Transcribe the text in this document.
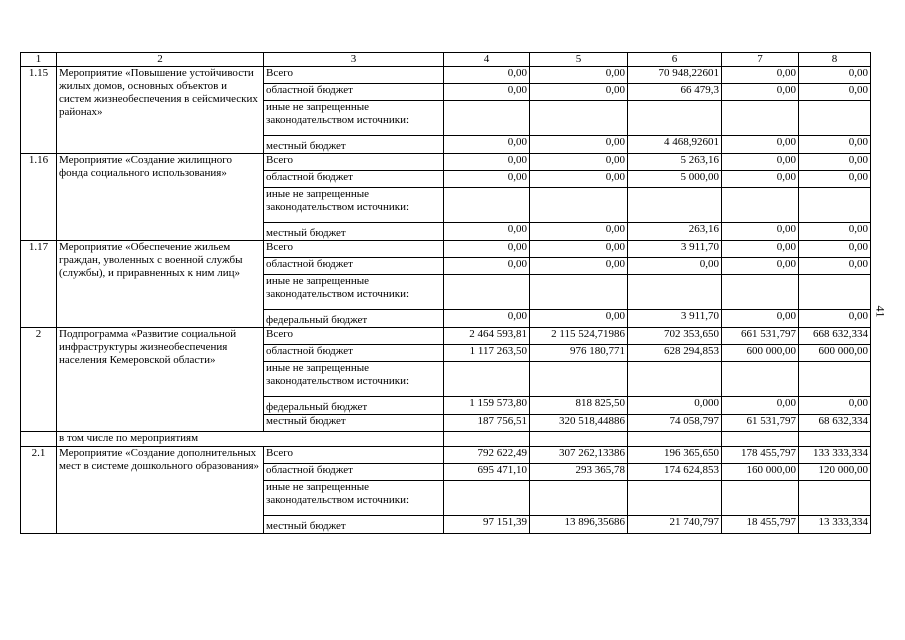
41
1	2	3	4	5	6	7	8
1.15	Мероприятие «Повышение устойчивости жилых домов, основных объектов и систем жизнеобеспечения в сейсмических районах»	Всего	0,00	0,00	70 948,22601	0,00	0,00
		областной бюджет	0,00	0,00	66 479,3	0,00	0,00
		иные не запрещенные законодательством источники:					
		местный бюджет	0,00	0,00	4 468,92601	0,00	0,00
1.16	Мероприятие «Создание жилищного фонда социального использования»	Всего	0,00	0,00	5 263,16	0,00	0,00
		областной бюджет	0,00	0,00	5 000,00	0,00	0,00
		иные не запрещенные законодательством источники:					
		местный бюджет	0,00	0,00	263,16	0,00	0,00
1.17	Мероприятие «Обеспечение жильем граждан, уволенных с военной службы (службы), и приравненных к ним лиц»	Всего	0,00	0,00	3 911,70	0,00	0,00
		областной бюджет	0,00	0,00	0,00	0,00	0,00
		иные не запрещенные законодательством источники:					
		федеральный бюджет	0,00	0,00	3 911,70	0,00	0,00
2	Подпрограмма «Развитие социальной инфраструктуры жизнеобеспечения населения Кемеровской области»	Всего	2 464 593,81	2 115 524,71986	702 353,650	661 531,797	668 632,334
		областной бюджет	1 117 263,50	976 180,771	628 294,853	600 000,00	600 000,00
		иные не запрещенные законодательством источники:					
		федеральный бюджет	1 159 573,80	818 825,50	0,000	0,00	0,00
		местный бюджет	187 756,51	320 518,44886	74 058,797	61 531,797	68 632,334
	в том числе по мероприятиям						
2.1	Мероприятие «Создание дополнительных мест в системе дошкольного образования»	Всего	792 622,49	307 262,13386	196 365,650	178 455,797	133 333,334
		областной бюджет	695 471,10	293 365,78	174 624,853	160 000,00	120 000,00
		иные не запрещенные законодательством источники:					
		местный бюджет	97 151,39	13 896,35686	21 740,797	18 455,797	13 333,334
